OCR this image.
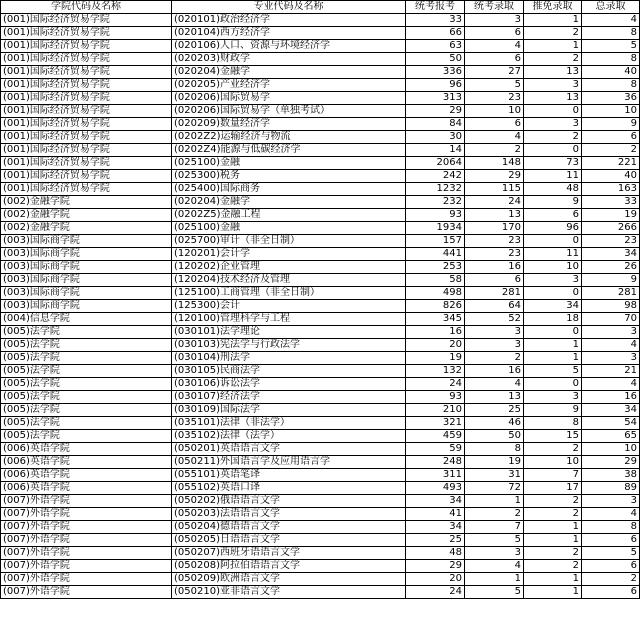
学院代码及名称	专业代码及名称	统考报考	统考录取	推免录取	总录取
(001)国际经济贸易学院	(020101)政治经济学	33	3	1	4
(001)国际经济贸易学院	(020104)西方经济学	66	6	2	8
(001)国际经济贸易学院	(020106)人口、资源与环境经济学	63	4	1	5
(001)国际经济贸易学院	(020203)财政学	50	6	2	8
(001)国际经济贸易学院	(020204)金融学	336	27	13	40
(001)国际经济贸易学院	(020205)产业经济学	96	5	3	8
(001)国际经济贸易学院	(020206)国际贸易学	313	23	13	36
(001)国际经济贸易学院	(020206)国际贸易学（单独考试）	29	10	0	10
(001)国际经济贸易学院	(020209)数量经济学	84	6	3	9
(001)国际经济贸易学院	(0202Z2)运输经济与物流	30	4	2	6
(001)国际经济贸易学院	(0202Z4)能源与低碳经济学	14	2	0	2
(001)国际经济贸易学院	(025100)金融	2064	148	73	221
(001)国际经济贸易学院	(025300)税务	242	29	11	40
(001)国际经济贸易学院	(025400)国际商务	1232	115	48	163
(002)金融学院	(020204)金融学	232	24	9	33
(002)金融学院	(0202Z5)金融工程	93	13	6	19
(002)金融学院	(025100)金融	1934	170	96	266
(003)国际商学院	(025700)审计（非全日制）	157	23	0	23
(003)国际商学院	(120201)会计学	441	23	11	34
(003)国际商学院	(120202)企业管理	253	16	10	26
(003)国际商学院	(120204)技术经济及管理	58	6	3	9
(003)国际商学院	(125100)工商管理（非全日制）	498	281	0	281
(003)国际商学院	(125300)会计	826	64	34	98
(004)信息学院	(120100)管理科学与工程	345	52	18	70
(005)法学院	(030101)法学理论	16	3	0	3
(005)法学院	(030103)宪法学与行政法学	20	3	1	4
(005)法学院	(030104)刑法学	19	2	1	3
(005)法学院	(030105)民商法学	132	16	5	21
(005)法学院	(030106)诉讼法学	24	4	0	4
(005)法学院	(030107)经济法学	93	13	3	16
(005)法学院	(030109)国际法学	210	25	9	34
(005)法学院	(035101)法律（非法学）	321	46	8	54
(005)法学院	(035102)法律（法学）	459	50	15	65
(006)英语学院	(050201)英语语言文学	59	8	2	10
(006)英语学院	(050211)外国语言学及应用语言学	248	19	10	29
(006)英语学院	(055101)英语笔译	311	31	7	38
(006)英语学院	(055102)英语口译	493	72	17	89
(007)外语学院	(050202)俄语语言文学	34	1	2	3
(007)外语学院	(050203)法语语言文学	41	2	2	4
(007)外语学院	(050204)德语语言文学	34	7	1	8
(007)外语学院	(050205)日语语言文学	25	5	1	6
(007)外语学院	(050207)西班牙语语言文学	48	3	2	5
(007)外语学院	(050208)阿拉伯语语言文学	29	4	2	6
(007)外语学院	(050209)欧洲语言文学	20	1	1	2
(007)外语学院	(050210)亚非语言文学	24	5	1	6
